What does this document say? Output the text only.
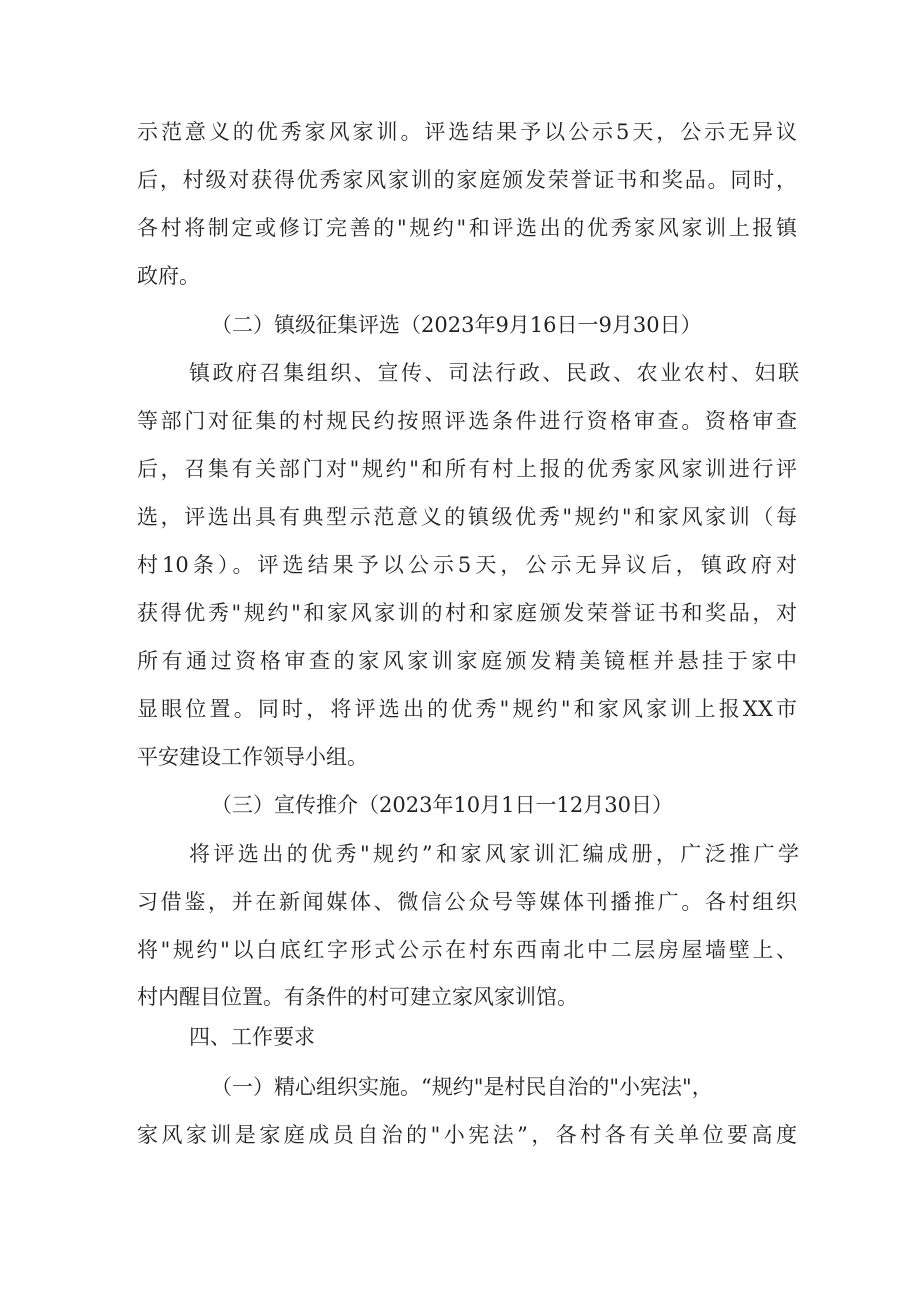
示范意义的优秀家风家训。评选结果予以公示5天，公示无异议
后，村级对获得优秀家风家训的家庭颁发荣誉证书和奖品。同时，
各村将制定或修订完善的"规约"和评选出的优秀家风家训上报镇
政府。
（二）镇级征集评选（2023年9月16日一9月30日）
镇政府召集组织、宣传、司法行政、民政、农业农村、妇联
等部门对征集的村规民约按照评选条件进行资格审查。资格审查
后，召集有关部门对"规约"和所有村上报的优秀家风家训进行评
选，评选出具有典型示范意义的镇级优秀"规约"和家风家训（每
村10条）。评选结果予以公示5天，公示无异议后，镇政府对
获得优秀"规约"和家风家训的村和家庭颁发荣誉证书和奖品，对
所有通过资格审查的家风家训家庭颁发精美镜框并悬挂于家中
显眼位置。同时，将评选出的优秀"规约"和家风家训上报XX市
平安建设工作领导小组。
（三）宣传推介（2023年10月1日一12月30日）
将评选出的优秀"规约”和家风家训汇编成册，广泛推广学
习借鉴，并在新闻媒体、微信公众号等媒体刊播推广。各村组织
将"规约"以白底红字形式公示在村东西南北中二层房屋墙壁上、
村内醒目位置。有条件的村可建立家风家训馆。
四、工作要求
（一）精心组织实施。“规约"是村民自治的"小宪法"，
家风家训是家庭成员自治的"小宪法”，各村各有关单位要高度
